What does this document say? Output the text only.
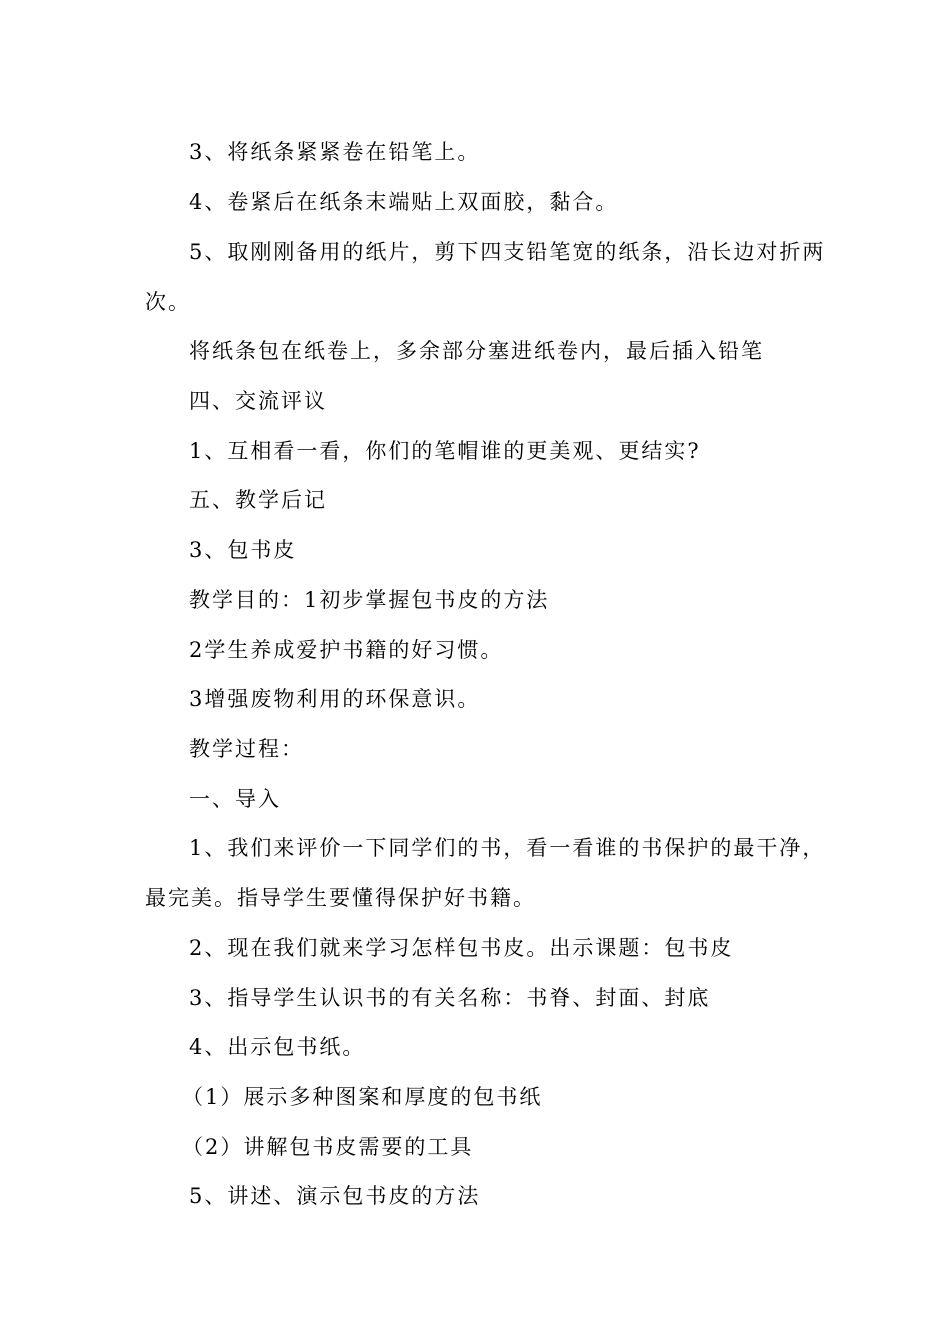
3、将纸条紧紧卷在铅笔上。
4、卷紧后在纸条末端贴上双面胶，黏合。
5、取刚刚备用的纸片，剪下四支铅笔宽的纸条，沿长边对折两
次。
将纸条包在纸卷上，多余部分塞进纸卷内，最后插入铅笔
四、交流评议
1、互相看一看，你们的笔帽谁的更美观、更结实?
五、教学后记
3、包书皮
教学目的：1初步掌握包书皮的方法
2学生养成爱护书籍的好习惯。
3增强废物利用的环保意识。
教学过程：
一、导入
1、我们来评价一下同学们的书，看一看谁的书保护的最干净，
最完美。指导学生要懂得保护好书籍。
2、现在我们就来学习怎样包书皮。出示课题：包书皮
3、指导学生认识书的有关名称：书脊、封面、封底
4、出示包书纸。
（1）展示多种图案和厚度的包书纸
（2）讲解包书皮需要的工具
5、讲述、演示包书皮的方法
